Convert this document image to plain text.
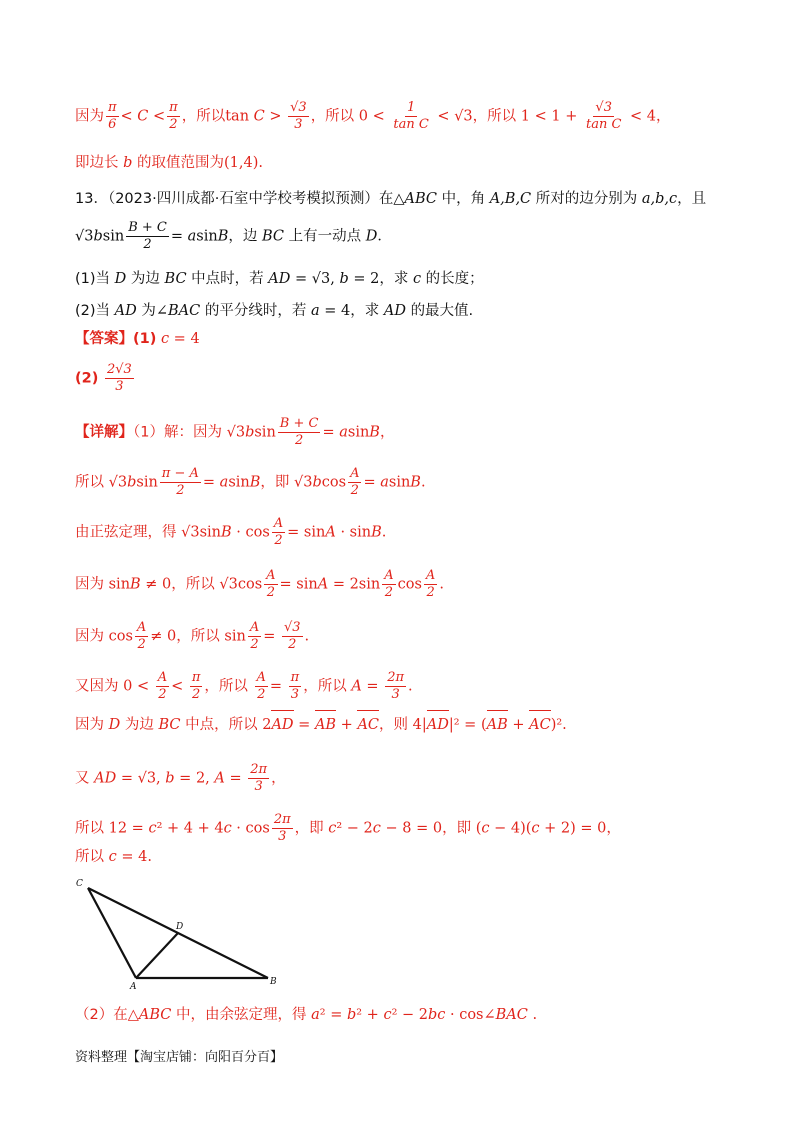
因为 $\frac{\pi}{6} < C < \frac{\pi}{2}$ ，所以$\tan C > \frac{√3}{3}$ ，所以 $0 < \frac{1}{\text{tan C}} < √3$，所以 $1 < 1 + \frac{√3}{\text{tan C}} < 4$，
即边长 b 的取值范围为(1,4).
13．（2023·四川成都·石室中学校考模拟预测）在△ABC 中，角 A,B,C 所对的边分别为 a,b,c，且
$√3bsin \frac{B + C}{2} = asinB$，边 BC 上有一动点 D．
(1)当 D 为边 BC 中点时，若 AD = √3, b = 2，求 c 的长度；
(2)当 AD 为∠BAC 的平分线时，若 a = 4，求 AD 的最大值.
【答案】(1) c = 4
$(2) \frac{2√3}{3}$
【详解】（1）解：因为 $√3bsin \frac{B + C}{2} = asinB$，
所以 $√3bsin \frac{\pi - A}{2} = asinB$，即 $√3bcos \frac{A}{2} = asinB$.
由正弦定理，得 $√3\sin B \cdot \cos \frac{A}{2} = \sin A \cdot \sin B$.
因为 sinB ≠ 0，所以 $√3\cos \frac{A}{2} = \sin A = 2\sin \frac{A}{2}$ $\cos \frac{A}{2}$ .
因为 $\cos \frac{A}{2} \ne 0$，所以 $\sin \frac{A}{2} = \frac{√3}{2}$ .
又因为 $0 < \frac{A}{2} < \frac{\pi}{2}$ ，所以 $\frac{A}{2} = \frac{\pi}{3}$ ，所以 $A = \frac{2\pi}{3}$ .
因为 D 为边 BC 中点，所以 2AD = AB + AC，则 4|AD|² = (AB + AC)².
又 AD = √3, b = 2, $A = \frac{2\pi}{3}$ ，
所以 $12 = c^2 + 4 + 4c \cdot \cos \frac{2\pi}{3}$ ，即 c² − 2c − 8 = 0，即 (c − 4)(c + 2) = 0，
所以 c = 4.
C
D
A	B
（2）在△ABC 中，由余弦定理，得 a² = b² + c² − 2bc · cos∠BAC .
资料整理【淘宝店铺：向阳百分百】
